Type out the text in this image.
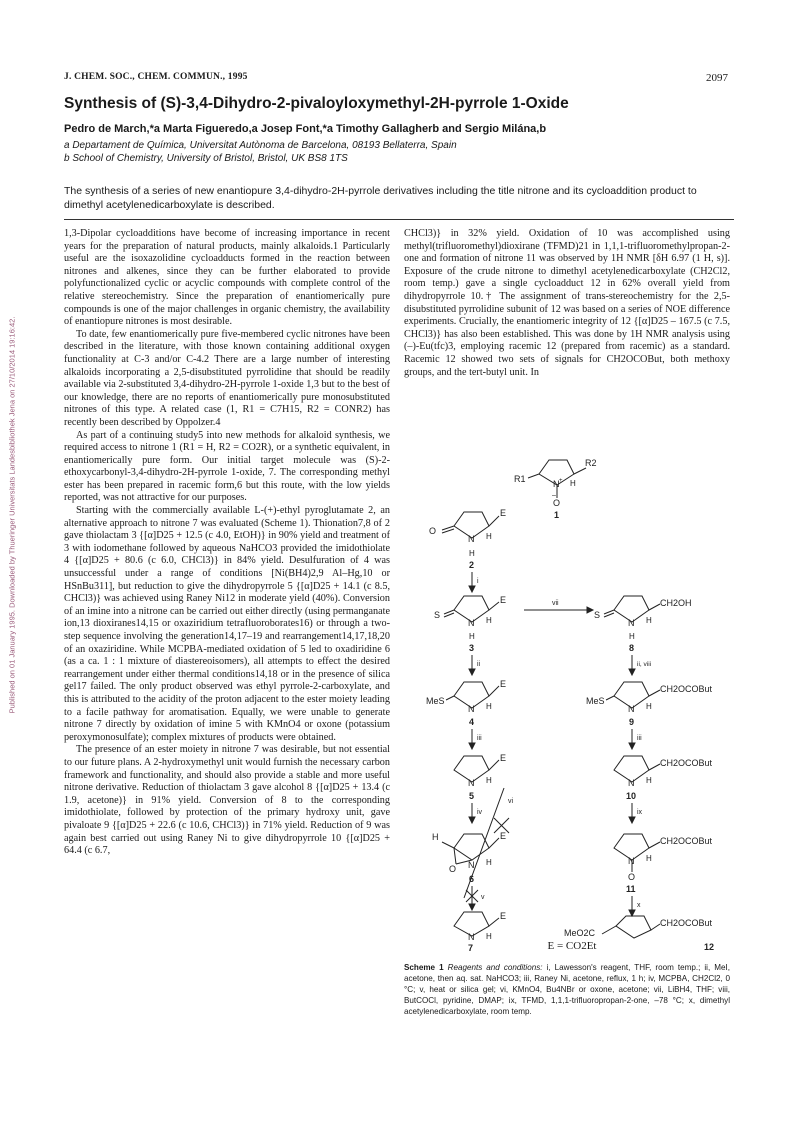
J. CHEM. SOC., CHEM. COMMUN., 1995	2097
Published on 01 January 1995. Downloaded by Thueringer Universitats Landesbibliothek Jena on 27/10/2014 19:16:42.
Synthesis of (S)-3,4-Dihydro-2-pivaloyloxymethyl-2H-pyrrole 1-Oxide
Pedro de March,*a Marta Figueredo,a Josep Font,*a Timothy Gallagherb and Sergio Milána,b
a Departament de Química, Universitat Autònoma de Barcelona, 08193 Bellaterra, Spain
b School of Chemistry, University of Bristol, Bristol, UK BS8 1TS
The synthesis of a series of new enantiopure 3,4-dihydro-2H-pyrrole derivatives including the title nitrone and its cycloaddition product to dimethyl acetylenedicarboxylate is described.

1,3-Dipolar cycloadditions have become of increasing importance in recent years for the preparation of natural products, mainly alkaloids.1 Particularly useful are the isoxazolidine cycloadducts formed in the reaction between nitrones and alkenes, since they can be further elaborated to provide polyfunctionalized cyclic or acyclic compounds with complete control of the relative stereochemistry. Since the preparation of enantiomerically pure compounds is one of the major challenges in organic chemistry, the availability of enantiopure nitrones is most desirable.

To date, few enantiomerically pure five-membered cyclic nitrones have been described in the literature, with those known containing additional oxygen functionality at C-3 and/or C-4.2 There are a large number of interesting alkaloids incorporating a 2,5-disubstituted pyrrolidine that should be readily available via 2-substituted 3,4-dihydro-2H-pyrrole 1-oxide 1,3 but to the best of our knowledge, there are no reports of enantiomerically pure monosubstituted nitrones of this type. A related case (1, R1 = C7H15, R2 = CONR2) has recently been described by Oppolzer.4

As part of a continuing study5 into new methods for alkaloid synthesis, we required access to nitrone 1 (R1 = H, R2 = CO2R), or a synthetic equivalent, in enantiomerically pure form. Our initial target molecule was (S)-2-ethoxycarbonyl-3,4-dihydro-2H-pyrrole 1-oxide, 7. The corresponding methyl ester has been prepared in racemic form,6 but this route, with the low yields reported, was not attractive for our purposes.

Starting with the commercially available L-(+)-ethyl pyroglutamate 2, an alternative approach to nitrone 7 was evaluated (Scheme 1). Thionation7,8 of 2 gave thiolactam 3 {[α]D25 + 12.5 (c 4.0, EtOH)} in 90% yield and treatment of 3 with iodomethane followed by aqueous NaHCO3 provided the imidothiolate 4 {[α]D25 + 80.6 (c 6.0, CHCl3)} in 84% yield. Desulfuration of 4 was unsuccessful under a range of conditions [Ni(BH4)2,9 Al–Hg,10 or HSnBu311], but reduction to give the dihydropyrrole 5 {[α]D25 + 14.1 (c 8.5, CHCl3)} was achieved using Raney Ni12 in moderate yield (40%). Conversion of an imine into a nitrone can be carried out either directly (using permanganate ion,13 dioxiranes14,15 or oxaziridium tetrafluoroborates16) or through a two-step sequence involving the generation14,17–19 and rearrangement14,17,18,20 of an oxaziridine. While MCPBA-mediated oxidation of 5 led to oxadiridine 6 (as a ca. 1 : 1 mixture of diastereoisomers), all attempts to effect the desired rearrangement under either thermal conditions14,18 or in the presence of silica gel17 failed. The only product observed was ethyl pyrrole-2-carboxylate, and this is attributed to the acidity of the proton adjacent to the ester moiety leading to a facile pathway for aromatisation. Equally, we were unable to generate nitrone 7 directly by oxidation of imine 5 with KMnO4 or oxone (potassium peroxymonosulfate); complex mixtures of products were obtained.

The presence of an ester moiety in nitrone 7 was desirable, but not essential to our future plans. A 2-hydroxymethyl unit would furnish the necessary carbon framework and functionality, and should also provide a stable and more useful nitrone derivative. Reduction of thiolactam 3 gave alcohol 8 {[α]D25 + 13.4 (c 1.9, acetone)} in 91% yield. Conversion of 8 to the corresponding imidothiolate, followed by protection of the primary hydroxy unit, gave pivaloate 9 {[α]D25 + 22.6 (c 10.6, CHCl3)} in 71% yield. Reduction of 9 was again best carried out using Raney Ni to give dihydropyrrole 10 {[α]D25 + 64.4 (c 6.7,

CHCl3)} in 32% yield. Oxidation of 10 was accomplished using methyl(trifluoromethyl)dioxirane (TFMD)21 in 1,1,1-trifluoromethylpropan-2-one and formation of nitrone 11 was observed by 1H NMR [δH 6.97 (1 H, s)]. Exposure of the crude nitrone to dimethyl acetylenedicarboxylate (CH2Cl2, room temp.) gave a single cycloadduct 12 in 62% overall yield from dihydropyrrole 10.† The assignment of trans-stereochemistry for the 2,5-disubstituted pyrrolidine subunit of 12 was based on a series of NOE difference experiments. Crucially, the enantiomeric integrity of 12 {[α]D25 – 167.5 (c 7.5, CHCl3)} has also been established. This was done by 1H NMR analysis using (–)-Eu(tfc)3, employing racemic 12 (prepared from racemic) as a standard. Racemic 12 showed two sets of signals for CH2OCOBut, both methoxy groups, and the tert-butyl unit. In

R2
R1	N + H
O
–
1
O
E
N H
H
2
i
S
E
N H
H
3
vii
ii
S
CH2OH
N H
H
8
ii, viii
MeS
E
N H
4
iii
MeS
CH2OCOBut
N H
9
iii
E
N H
5
iv
CH2OCOBut
N H
10
ix
vi
H	E
O N H
6
v
CH2OCOBut
N H
O
11
x
E
N H
7
CH2OCOBut
MeO2C
12
E = CO2Et
Scheme 1 Reagents and conditions: i, Lawesson's reagent, THF, room temp.; ii, MeI, acetone, then aq. sat. NaHCO3; iii, Raney Ni, acetone, reflux, 1 h; iv, MCPBA, CH2Cl2, 0 °C; v, heat or silica gel; vi, KMnO4, Bu4NBr or oxone, acetone; vii, LiBH4, THF; viii, ButCOCl, pyridine, DMAP; ix, TFMD, 1,1,1-trifluoropropan-2-one, –78 °C; x, dimethyl acetylenedicarboxylate, room temp.
